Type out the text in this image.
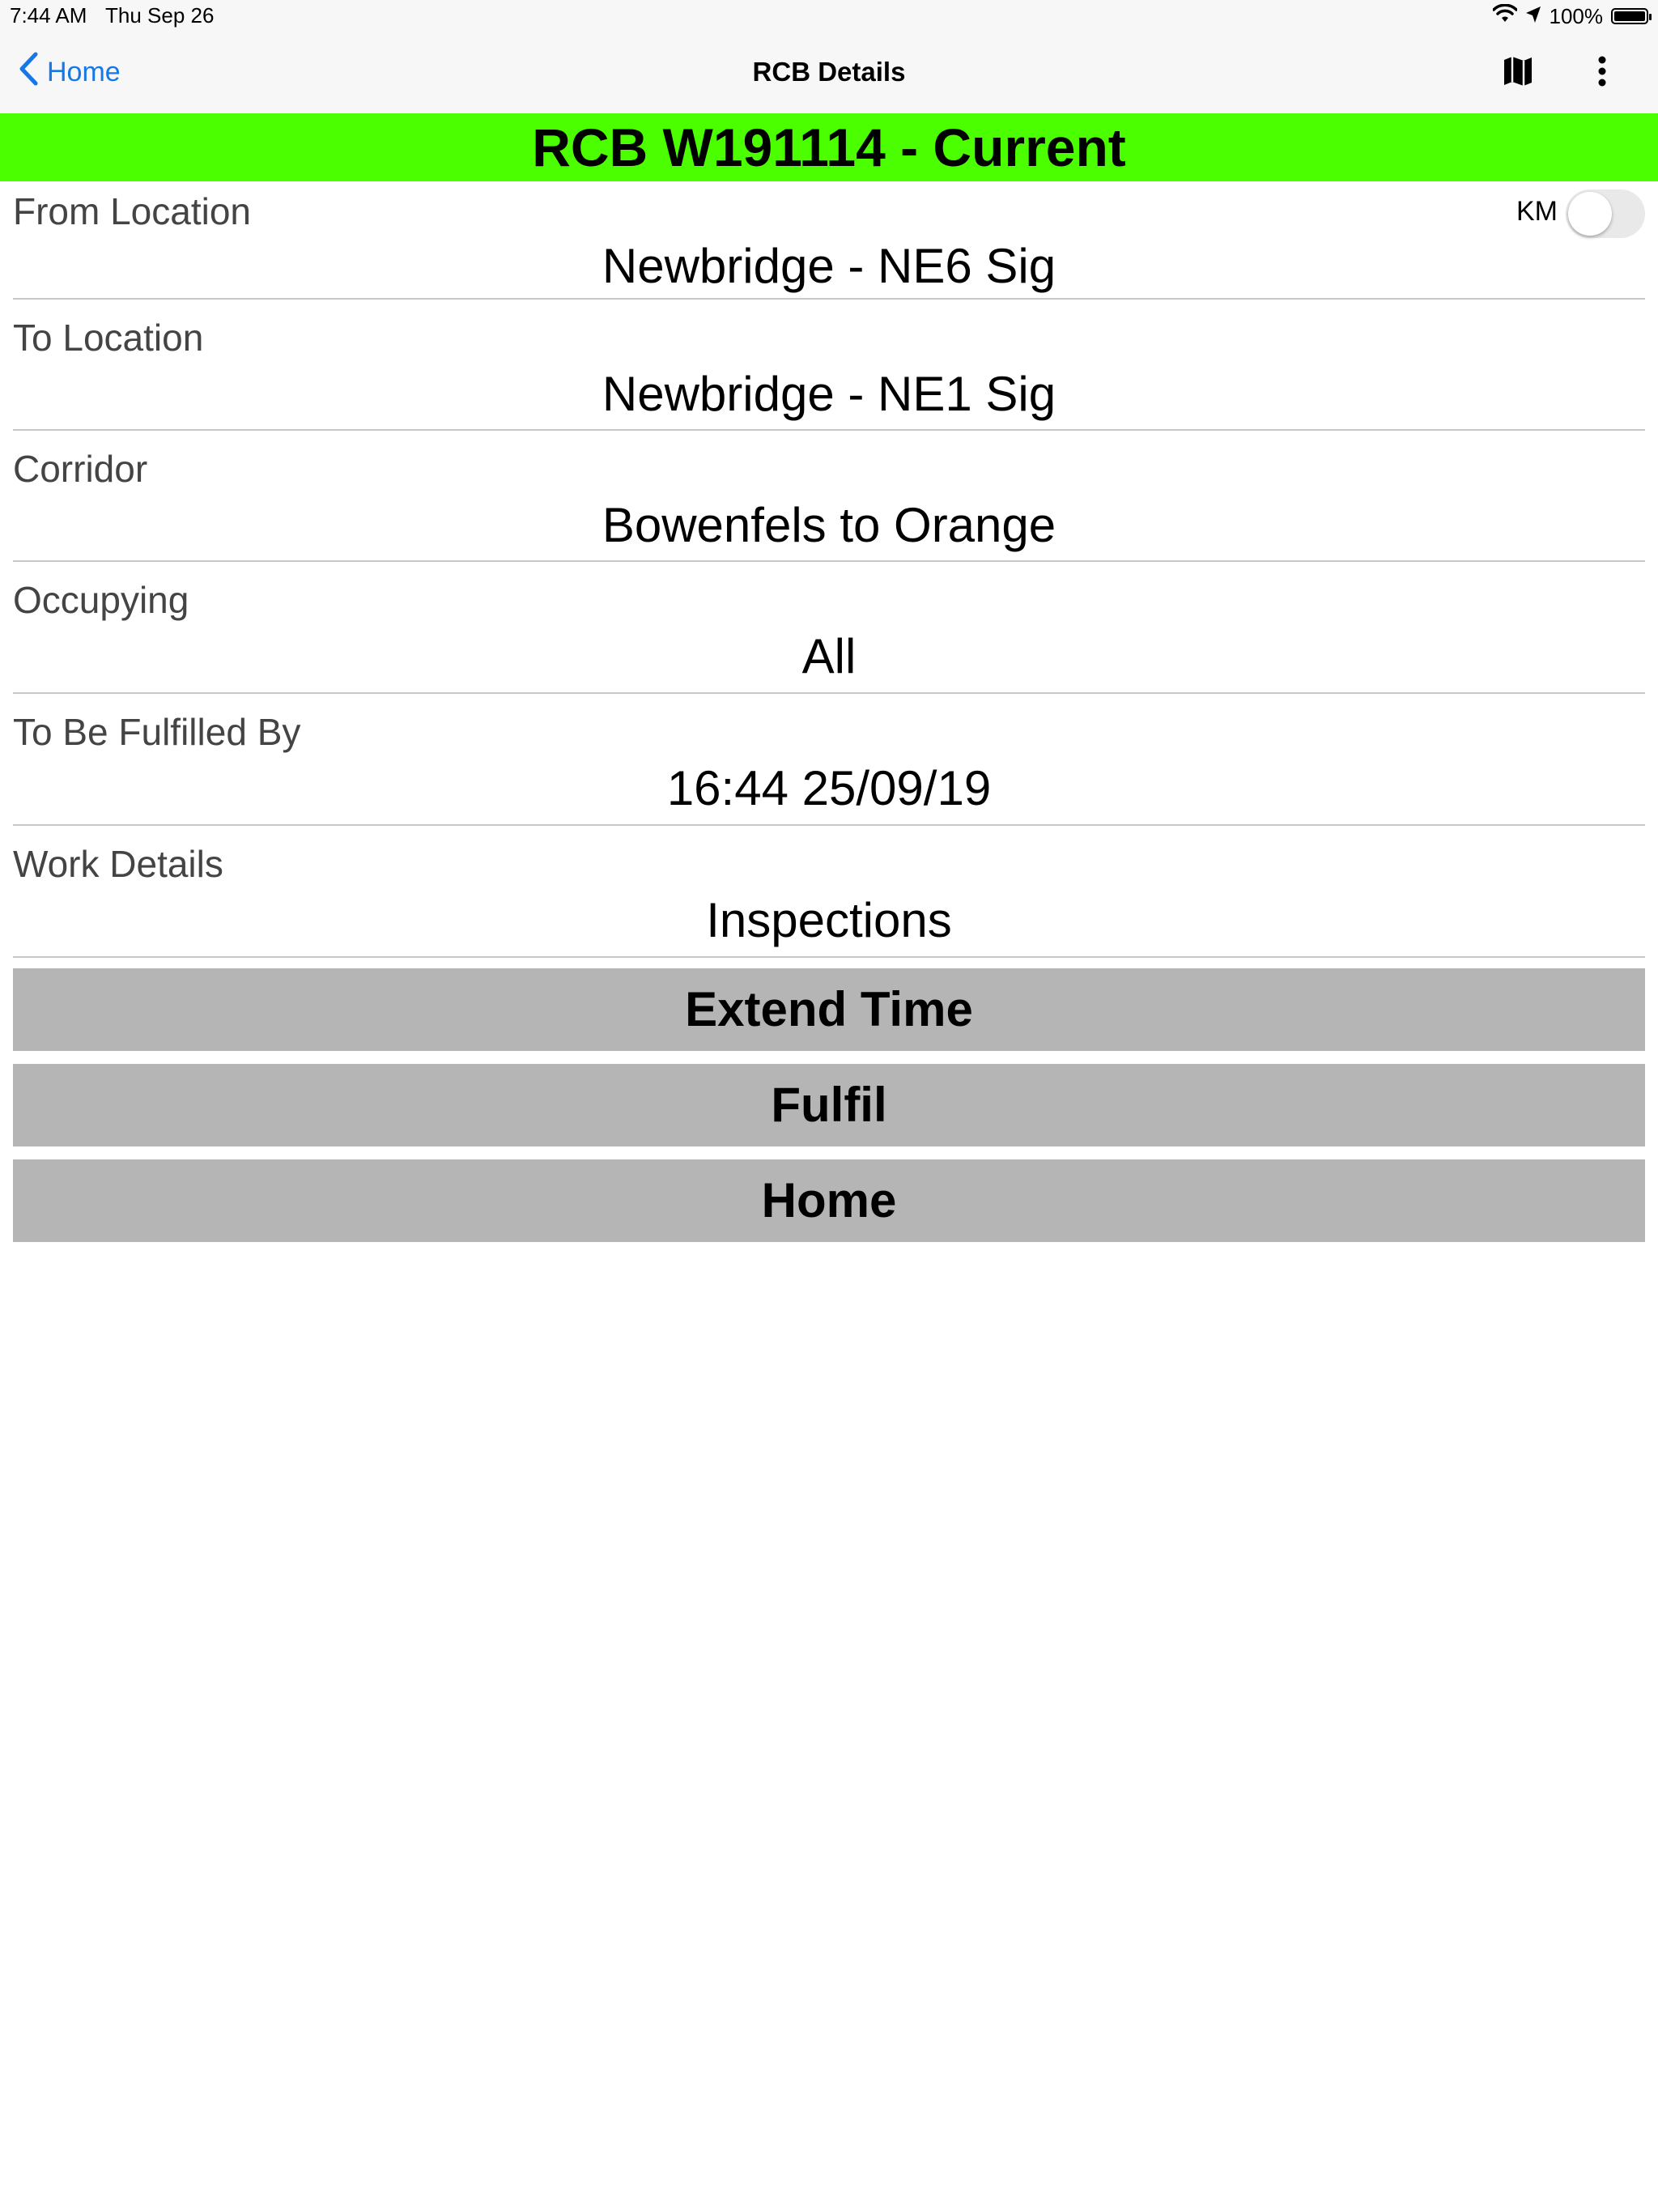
7:44 AM Thu Sep 26	100%
Home	RCB Details
RCB W191114 - Current
From Location	KM
Newbridge - NE6 Sig
To Location
Newbridge - NE1 Sig
Corridor
Bowenfels to Orange
Occupying
All
To Be Fulfilled By
16:44 25/09/19
Work Details
Inspections
Extend Time
Fulfil
Home
